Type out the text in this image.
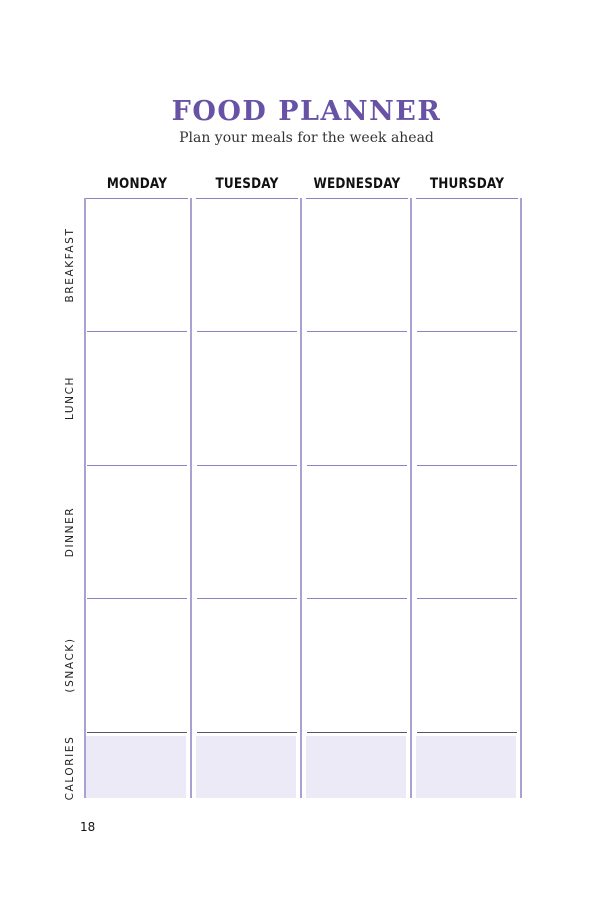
FOOD PLANNER
Plan your meals for the week ahead
MONDAY	TUESDAY	WEDNESDAY	THURSDAY
BREAKFAST
LUNCH
DINNER
(SNACK)
CALORIES
18
